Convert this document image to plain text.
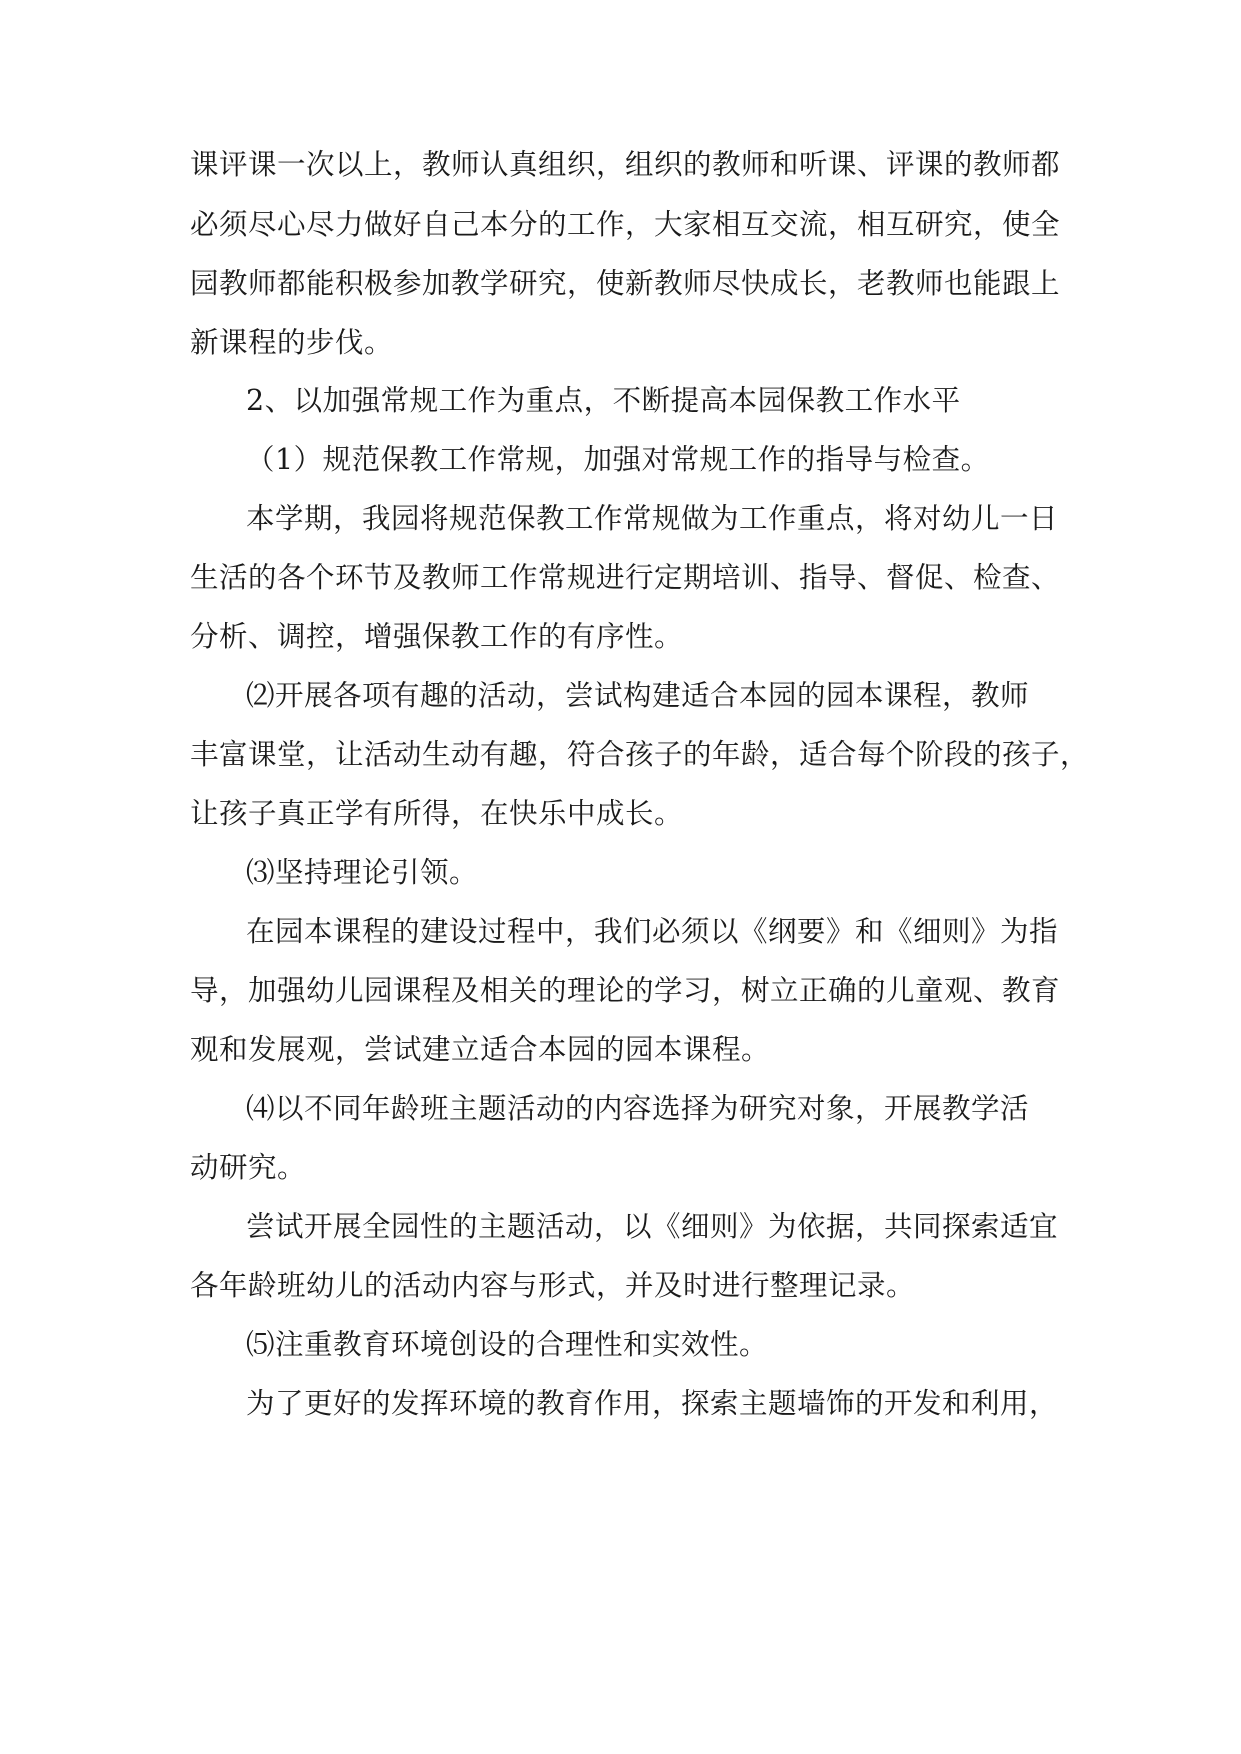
课评课一次以上，教师认真组织，组织的教师和听课、评课的教师都
必须尽心尽力做好自己本分的工作，大家相互交流，相互研究，使全
园教师都能积极参加教学研究，使新教师尽快成长，老教师也能跟上
新课程的步伐。
2、以加强常规工作为重点，不断提高本园保教工作水平
（1）规范保教工作常规，加强对常规工作的指导与检查。
本学期，我园将规范保教工作常规做为工作重点，将对幼儿一日
生活的各个环节及教师工作常规进行定期培训、指导、督促、检查、
分析、调控，增强保教工作的有序性。
⑵开展各项有趣的活动，尝试构建适合本园的园本课程，教师
丰富课堂，让活动生动有趣，符合孩子的年龄，适合每个阶段的孩子，
让孩子真正学有所得，在快乐中成长。
⑶坚持理论引领。
在园本课程的建设过程中，我们必须以《纲要》和《细则》为指
导，加强幼儿园课程及相关的理论的学习，树立正确的儿童观、教育
观和发展观，尝试建立适合本园的园本课程。
⑷以不同年龄班主题活动的内容选择为研究对象，开展教学活
动研究。
尝试开展全园性的主题活动，以《细则》为依据，共同探索适宜
各年龄班幼儿的活动内容与形式，并及时进行整理记录。
⑸注重教育环境创设的合理性和实效性。
为了更好的发挥环境的教育作用，探索主题墙饰的开发和利用，
